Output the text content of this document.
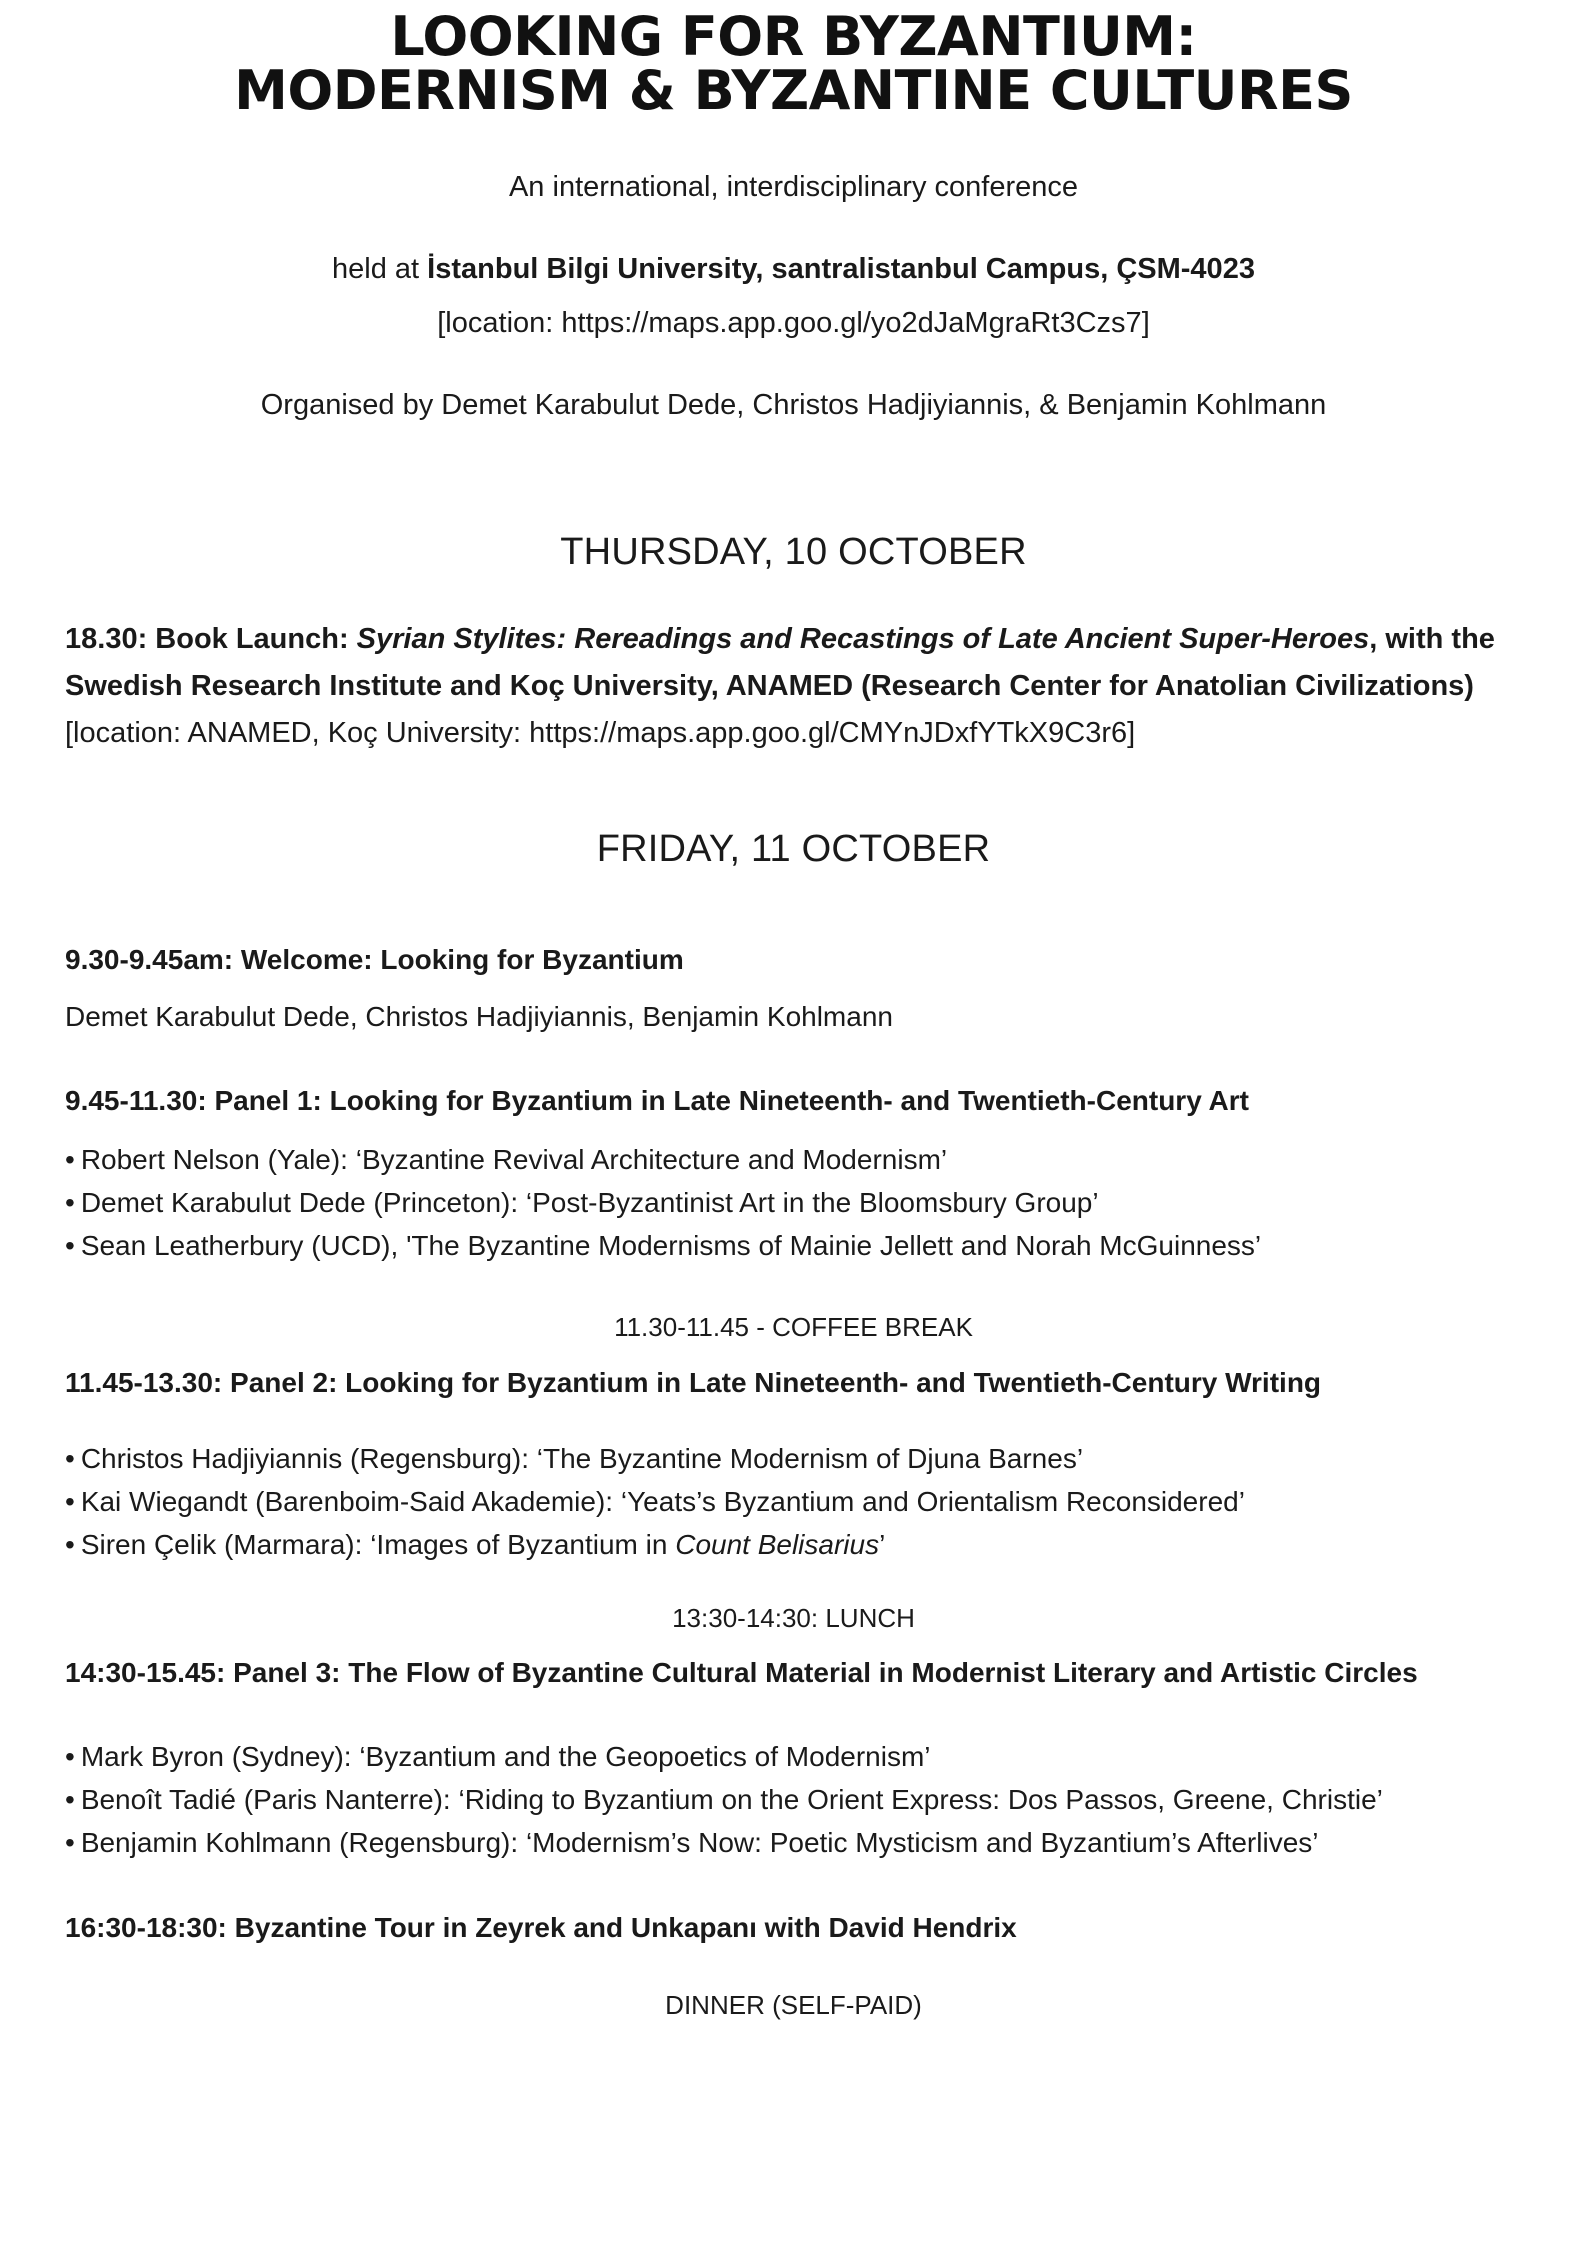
LOOKING FOR BYZANTIUM:
MODERNISM & BYZANTINE CULTURES
An international, interdisciplinary conference
held at İstanbul Bilgi University, santralistanbul Campus, ÇSM-4023
[location: https://maps.app.goo.gl/yo2dJaMgraRt3Czs7]
Organised by Demet Karabulut Dede, Christos Hadjiyiannis, & Benjamin Kohlmann
THURSDAY, 10 OCTOBER
18.30: Book Launch: Syrian Stylites: Rereadings and Recastings of Late Ancient Super-Heroes, with the
Swedish Research Institute and Koç University, ANAMED (Research Center for Anatolian Civilizations)
[location: ANAMED, Koç University: https://maps.app.goo.gl/CMYnJDxfYTkX9C3r6]
FRIDAY, 11 OCTOBER
9.30-9.45am: Welcome: Looking for Byzantium
Demet Karabulut Dede, Christos Hadjiyiannis, Benjamin Kohlmann
9.45-11.30: Panel 1: Looking for Byzantium in Late Nineteenth- and Twentieth-Century Art
• Robert Nelson (Yale): ‘Byzantine Revival Architecture and Modernism’
• Demet Karabulut Dede (Princeton): ‘Post-Byzantinist Art in the Bloomsbury Group’
• Sean Leatherbury (UCD), 'The Byzantine Modernisms of Mainie Jellett and Norah McGuinness’
11.30-11.45 - COFFEE BREAK
11.45-13.30: Panel 2: Looking for Byzantium in Late Nineteenth- and Twentieth-Century Writing
• Christos Hadjiyiannis (Regensburg): ‘The Byzantine Modernism of Djuna Barnes’
• Kai Wiegandt (Barenboim-Said Akademie): ‘Yeats’s Byzantium and Orientalism Reconsidered’
• Siren Çelik (Marmara): ‘Images of Byzantium in Count Belisarius’
13:30-14:30: LUNCH
14:30-15.45: Panel 3: The Flow of Byzantine Cultural Material in Modernist Literary and Artistic Circles
• Mark Byron (Sydney): ‘Byzantium and the Geopoetics of Modernism’
• Benoît Tadié (Paris Nanterre): ‘Riding to Byzantium on the Orient Express: Dos Passos, Greene, Christie’
• Benjamin Kohlmann (Regensburg): ‘Modernism’s Now: Poetic Mysticism and Byzantium’s Afterlives’
16:30-18:30: Byzantine Tour in Zeyrek and Unkapanı with David Hendrix
DINNER (SELF-PAID)
